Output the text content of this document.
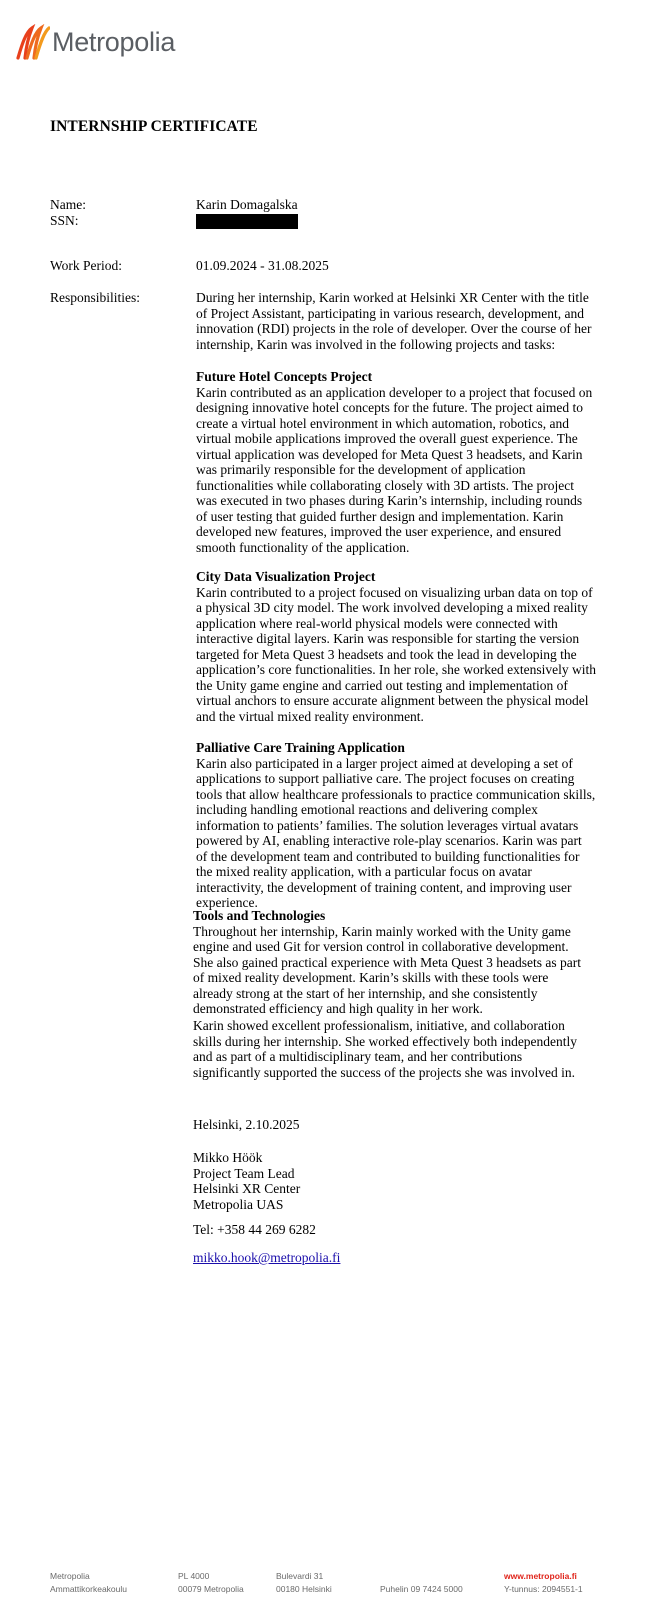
Metropolia
INTERNSHIP CERTIFICATE
Name:	Karin Domagalska
SSN:
Work Period:	01.09.2024 - 31.08.2025
Responsibilities:	During her internship, Karin worked at Helsinki XR Center with the title of Project Assistant, participating in various research, development, and innovation (RDI) projects in the role of developer. Over the course of her internship, Karin was involved in the following projects and tasks:

Future Hotel Concepts Project

Karin contributed as an application developer to a project that focused on designing innovative hotel concepts for the future. The project aimed to create a virtual hotel environment in which automation, robotics, and virtual mobile applications improved the overall guest experience. The virtual application was developed for Meta Quest 3 headsets, and Karin was primarily responsible for the development of application functionalities while collaborating closely with 3D artists. The project was executed in two phases during Karin’s internship, including rounds of user testing that guided further design and implementation. Karin developed new features, improved the user experience, and ensured smooth functionality of the application.

City Data Visualization Project

Karin contributed to a project focused on visualizing urban data on top of a physical 3D city model. The work involved developing a mixed reality application where real-world physical models were connected with interactive digital layers. Karin was responsible for starting the version targeted for Meta Quest 3 headsets and took the lead in developing the application’s core functionalities. In her role, she worked extensively with the Unity game engine and carried out testing and implementation of virtual anchors to ensure accurate alignment between the physical model and the virtual mixed reality environment.

Palliative Care Training Application

Karin also participated in a larger project aimed at developing a set of applications to support palliative care. The project focuses on creating tools that allow healthcare professionals to practice communication skills, including handling emotional reactions and delivering complex information to patients’ families. The solution leverages virtual avatars powered by AI, enabling interactive role-play scenarios. Karin was part of the development team and contributed to building functionalities for the mixed reality application, with a particular focus on avatar interactivity, the development of training content, and improving user experience.

Tools and Technologies

Throughout her internship, Karin mainly worked with the Unity game engine and used Git for version control in collaborative development. She also gained practical experience with Meta Quest 3 headsets as part of mixed reality development. Karin’s skills with these tools were already strong at the start of her internship, and she consistently demonstrated efficiency and high quality in her work.

Karin showed excellent professionalism, initiative, and collaboration skills during her internship. She worked effectively both independently and as part of a multidisciplinary team, and her contributions significantly supported the success of the projects she was involved in.

Helsinki, 2.10.2025

Mikko Höök

Project Team Lead

Helsinki XR Center

Metropolia UAS

Tel: +358 44 269 6282
mikko.hook@metropolia.fi
Metropolia
Ammattikorkeakoulu
PL 4000
00079 Metropolia
Bulevardi 31
00180 Helsinki
	Puhelin 09 7424 5000
www.metropolia.fi
Y-tunnus: 2094551-1
